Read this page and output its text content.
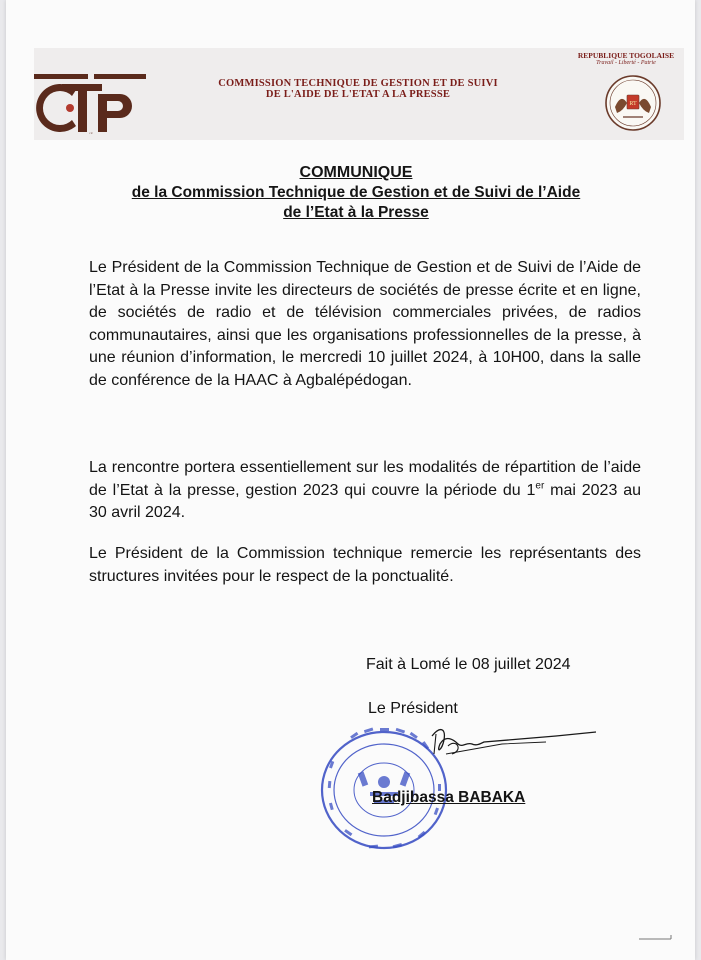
CTP
COMMISSION TECHNIQUE DE GESTION ET DE SUIVI
DE L'AIDE DE L'ETAT A LA PRESSE
REPUBLIQUE TOGOLAISE
Travail - Liberté - Patrie
RT
COMMUNIQUE
de la Commission Technique de Gestion et de Suivi de l’Aide
de l’Etat à la Presse

Le Président de la Commission Technique de Gestion et de Suivi de l’Aide de l’Etat à la Presse invite les directeurs de sociétés de presse écrite et en ligne, de sociétés de radio et de télévision commerciales privées, de radios communautaires, ainsi que les organisations professionnelles de la presse, à une réunion d’information, le mercredi 10 juillet 2024, à 10H00, dans la salle de conférence de la HAAC à Agbalépédogan.

La rencontre portera essentiellement sur les modalités de répartition de l’aide de l’Etat à la presse, gestion 2023 qui couvre la période du 1er mai 2023 au 30 avril 2024.

Le Président de la Commission technique remercie les représentants des structures invitées pour le respect de la ponctualité.

Fait à Lomé le 08 juillet 2024
Le Président
Badjibassa BABAKA
